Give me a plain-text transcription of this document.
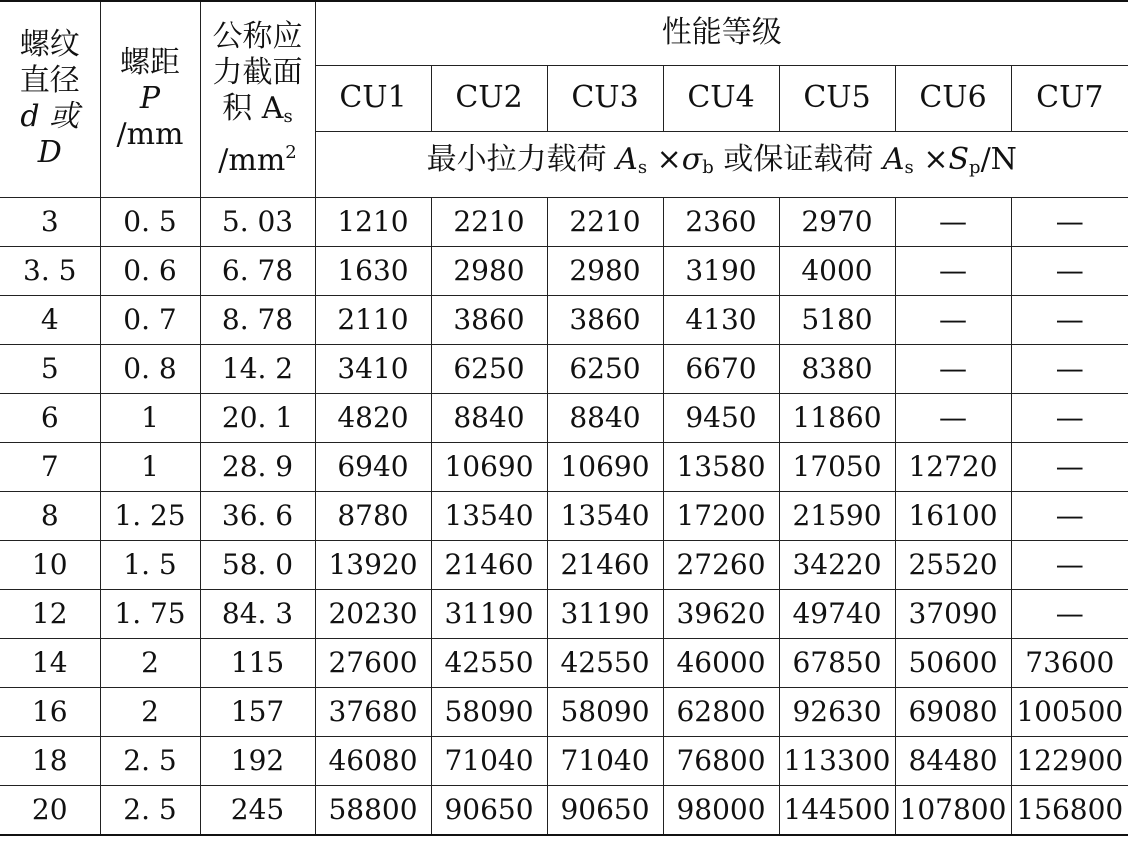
螺纹
直径
d 或
D	螺距
P
/mm	公称应
力截面
积 $A_s$
$/mm^2$	性能等级						
			CU1	CU2	CU3	CU4	CU5	CU6	CU7
			最小拉力载荷 $A_s \times\sigma_b$ 或保证载荷 $A_s \times S_p/N$						
3	0. 5	5. 03	1210	2210	2210	2360	2970	—	—
3. 5	0. 6	6. 78	1630	2980	2980	3190	4000	—	—
4	0. 7	8. 78	2110	3860	3860	4130	5180	—	—
5	0. 8	14. 2	3410	6250	6250	6670	8380	—	—
6	1	20. 1	4820	8840	8840	9450	11860	—	—
7	1	28. 9	6940	10690	10690	13580	17050	12720	—
8	1. 25	36. 6	8780	13540	13540	17200	21590	16100	—
10	1. 5	58. 0	13920	21460	21460	27260	34220	25520	—
12	1. 75	84. 3	20230	31190	31190	39620	49740	37090	—
14	2	115	27600	42550	42550	46000	67850	50600	73600
16	2	157	37680	58090	58090	62800	92630	69080	100500
18	2. 5	192	46080	71040	71040	76800	113300	84480	122900
20	2. 5	245	58800	90650	90650	98000	144500	107800	156800
